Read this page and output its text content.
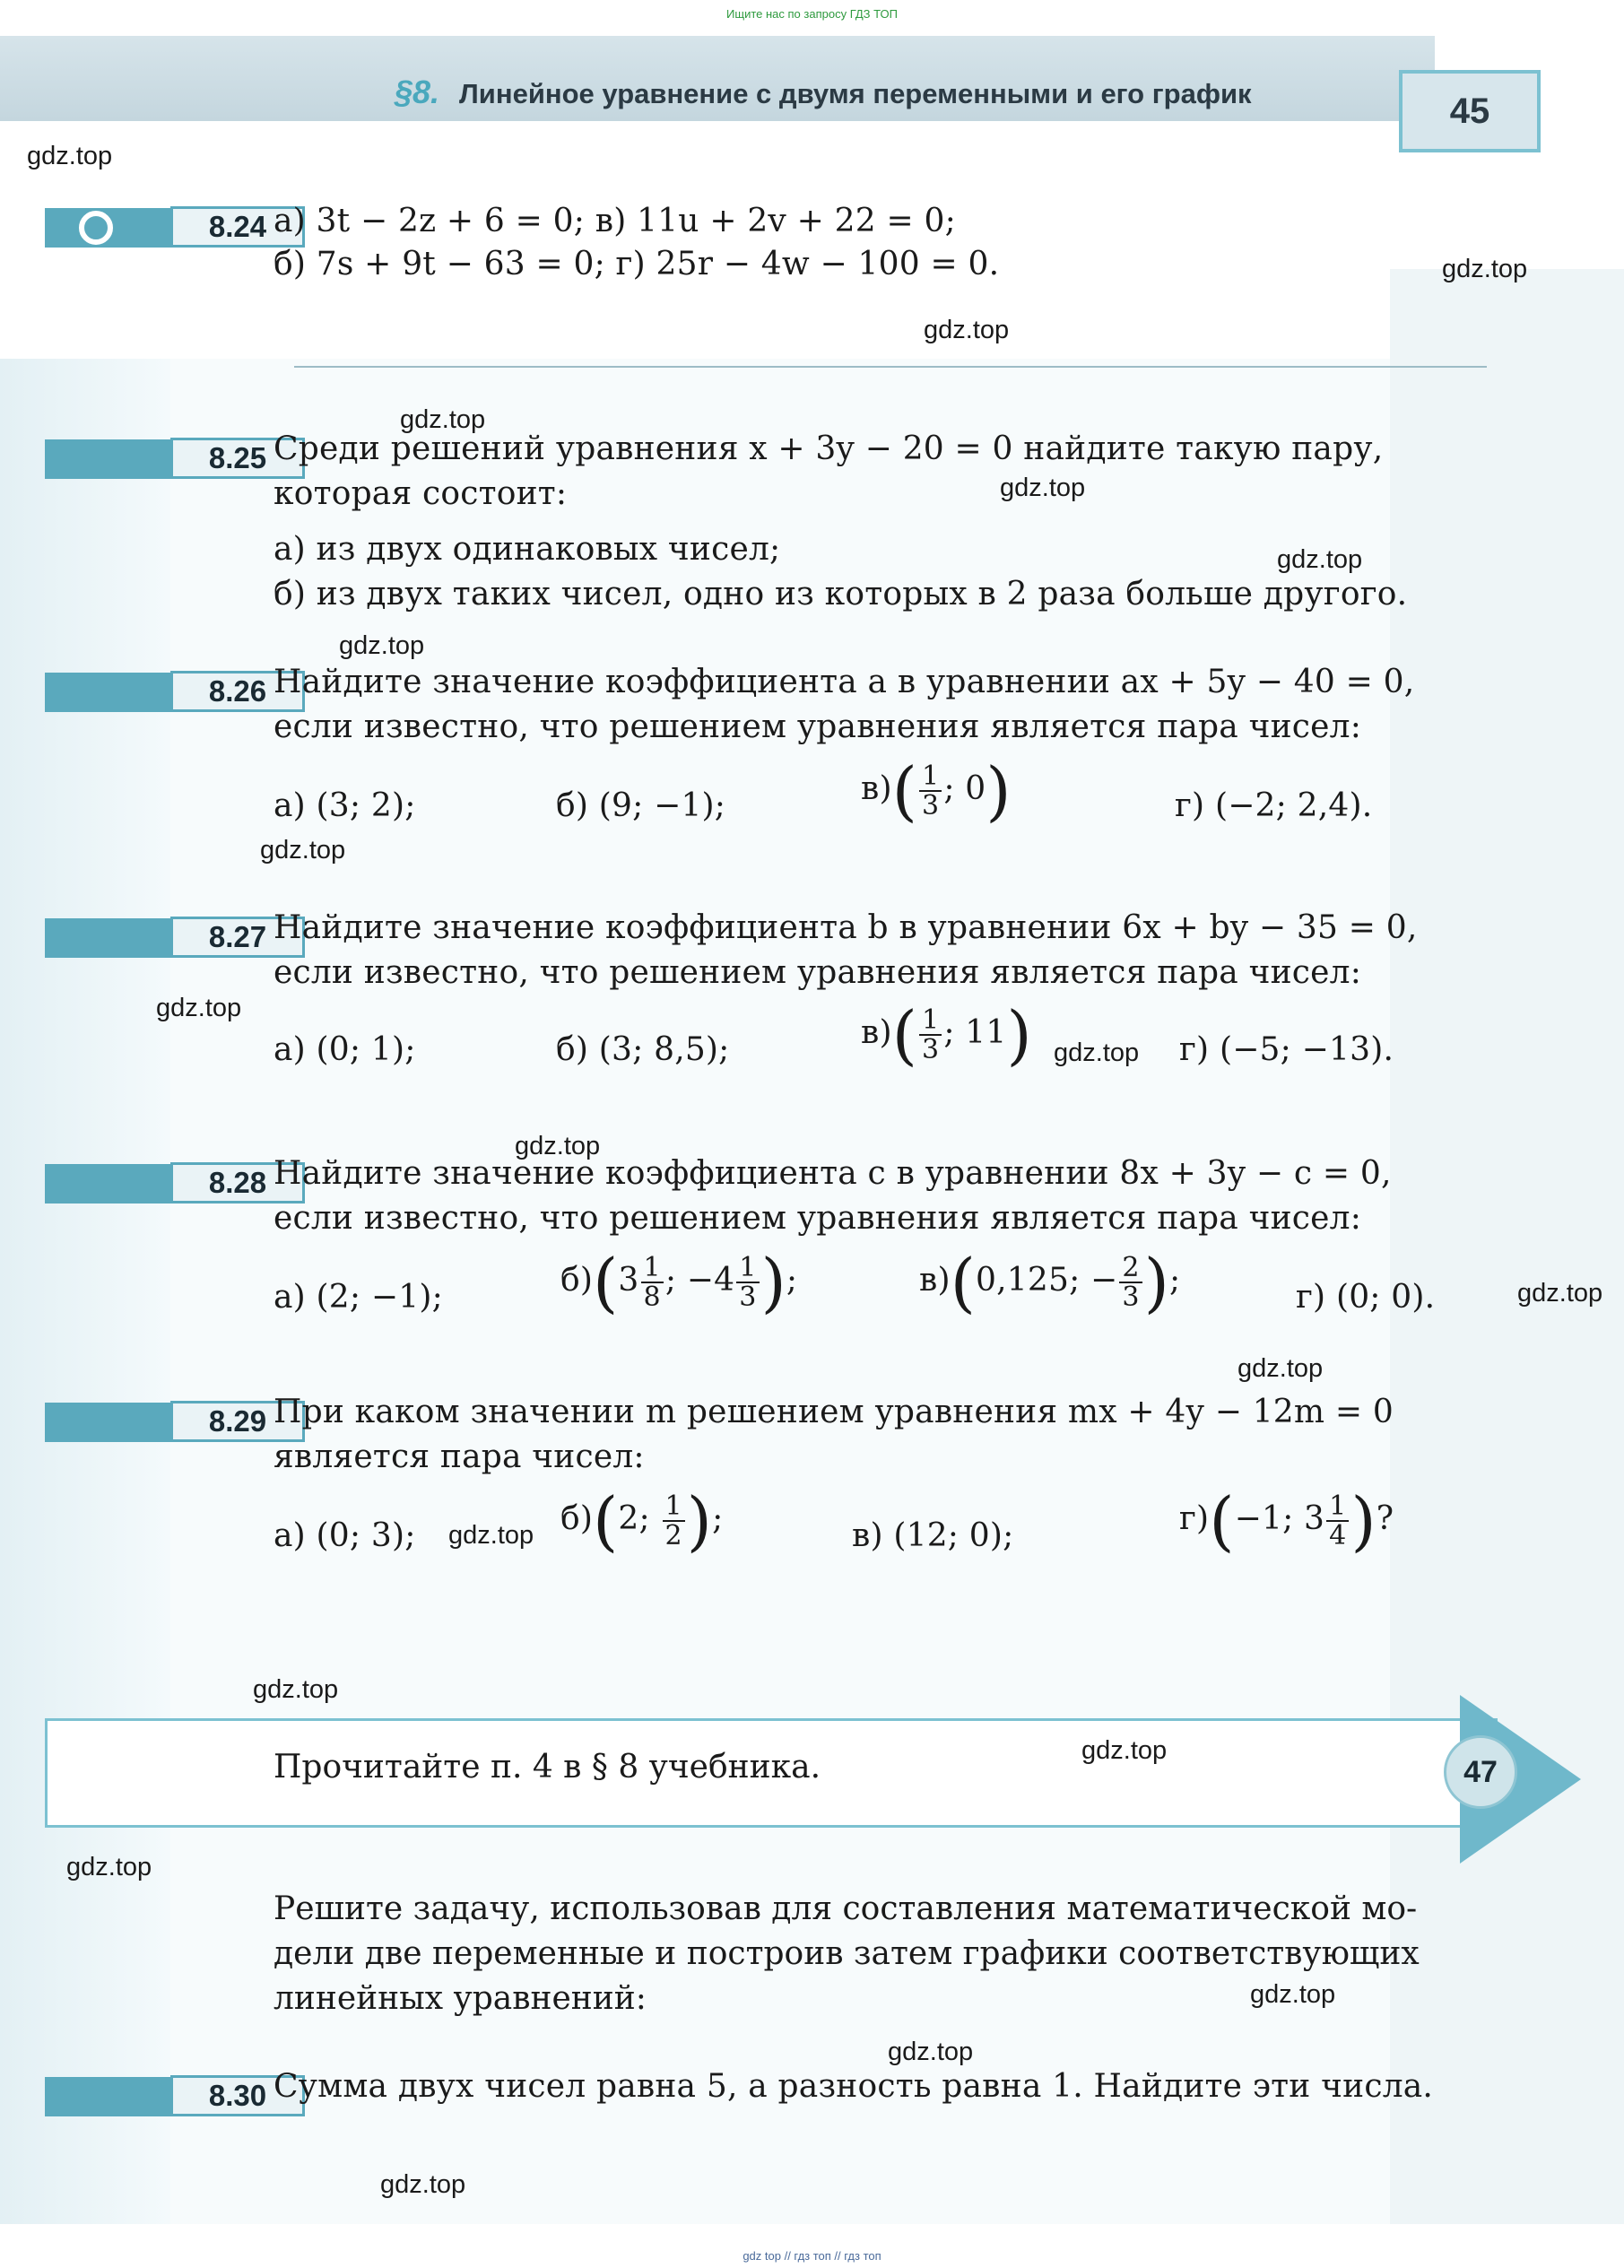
Ищите нас по запросу ГДЗ ТОП
§8. Линейное уравнение с двумя переменными и его график	45
8.24 а) 3t − 2z + 6 = 0; в) 11u + 2v + 22 = 0;
б) 7s + 9t − 63 = 0; г) 25r − 4w − 100 = 0.
8.25 Среди решений уравнения x + 3y − 20 = 0 найдите такую пару,
которая состоит:
а) из двух одинаковых чисел;
б) из двух таких чисел, одно из которых в 2 раза больше другого.
8.26 Найдите значение коэффициента a в уравнении ax + 5y − 40 = 0,
если известно, что решением уравнения является пара чисел:
а) (3; 2);	б) (9; −1);	$в)( \frac{1}{3}$ ; 0)	г) (−2; 2,4).
8.27 Найдите значение коэффициента b в уравнении 6x + by − 35 = 0,
если известно, что решением уравнения является пара чисел:
а) (0; 1);	б) (3; 8,5);	$в)( \frac{1}{3}$ ; 11)	г) (−5; −13).
8.28 Найдите значение коэффициента c в уравнении 8x + 3y − c = 0,
если известно, что решением уравнения является пара чисел:
а) (2; −1);	$б)(3 \frac{1}{8}$ ; $-4 \frac{1}{3}$ );	в)(0,125; − $\frac{2}{3}$ );	г) (0; 0).
8.29 При каком значении m решением уравнения mx + 4y − 12m = 0
является пара чисел:
а) (0; 3);	б)(2; $\frac{1}{2}$ );	в) (12; 0);	г)(−1; $3 \frac{1}{4}$ )?
Прочитайте п. 4 в § 8 учебника.	47
Решите задачу, использовав для составления математической мо-
дели две переменные и построив затем графики соответствующих
линейных уравнений:
8.30 Сумма двух чисел равна 5, а разность равна 1. Найдите эти числа.
gdz.top
gdz.top
gdz.top
gdz.top
gdz.top
gdz.top
gdz.top
gdz.top
gdz.top
gdz.top
gdz.top
gdz.top
gdz.top
gdz.top
gdz.top
gdz.top
gdz.top
gdz.top
gdz.top
gdz.top
gdz top // гдз топ // гдз топ
